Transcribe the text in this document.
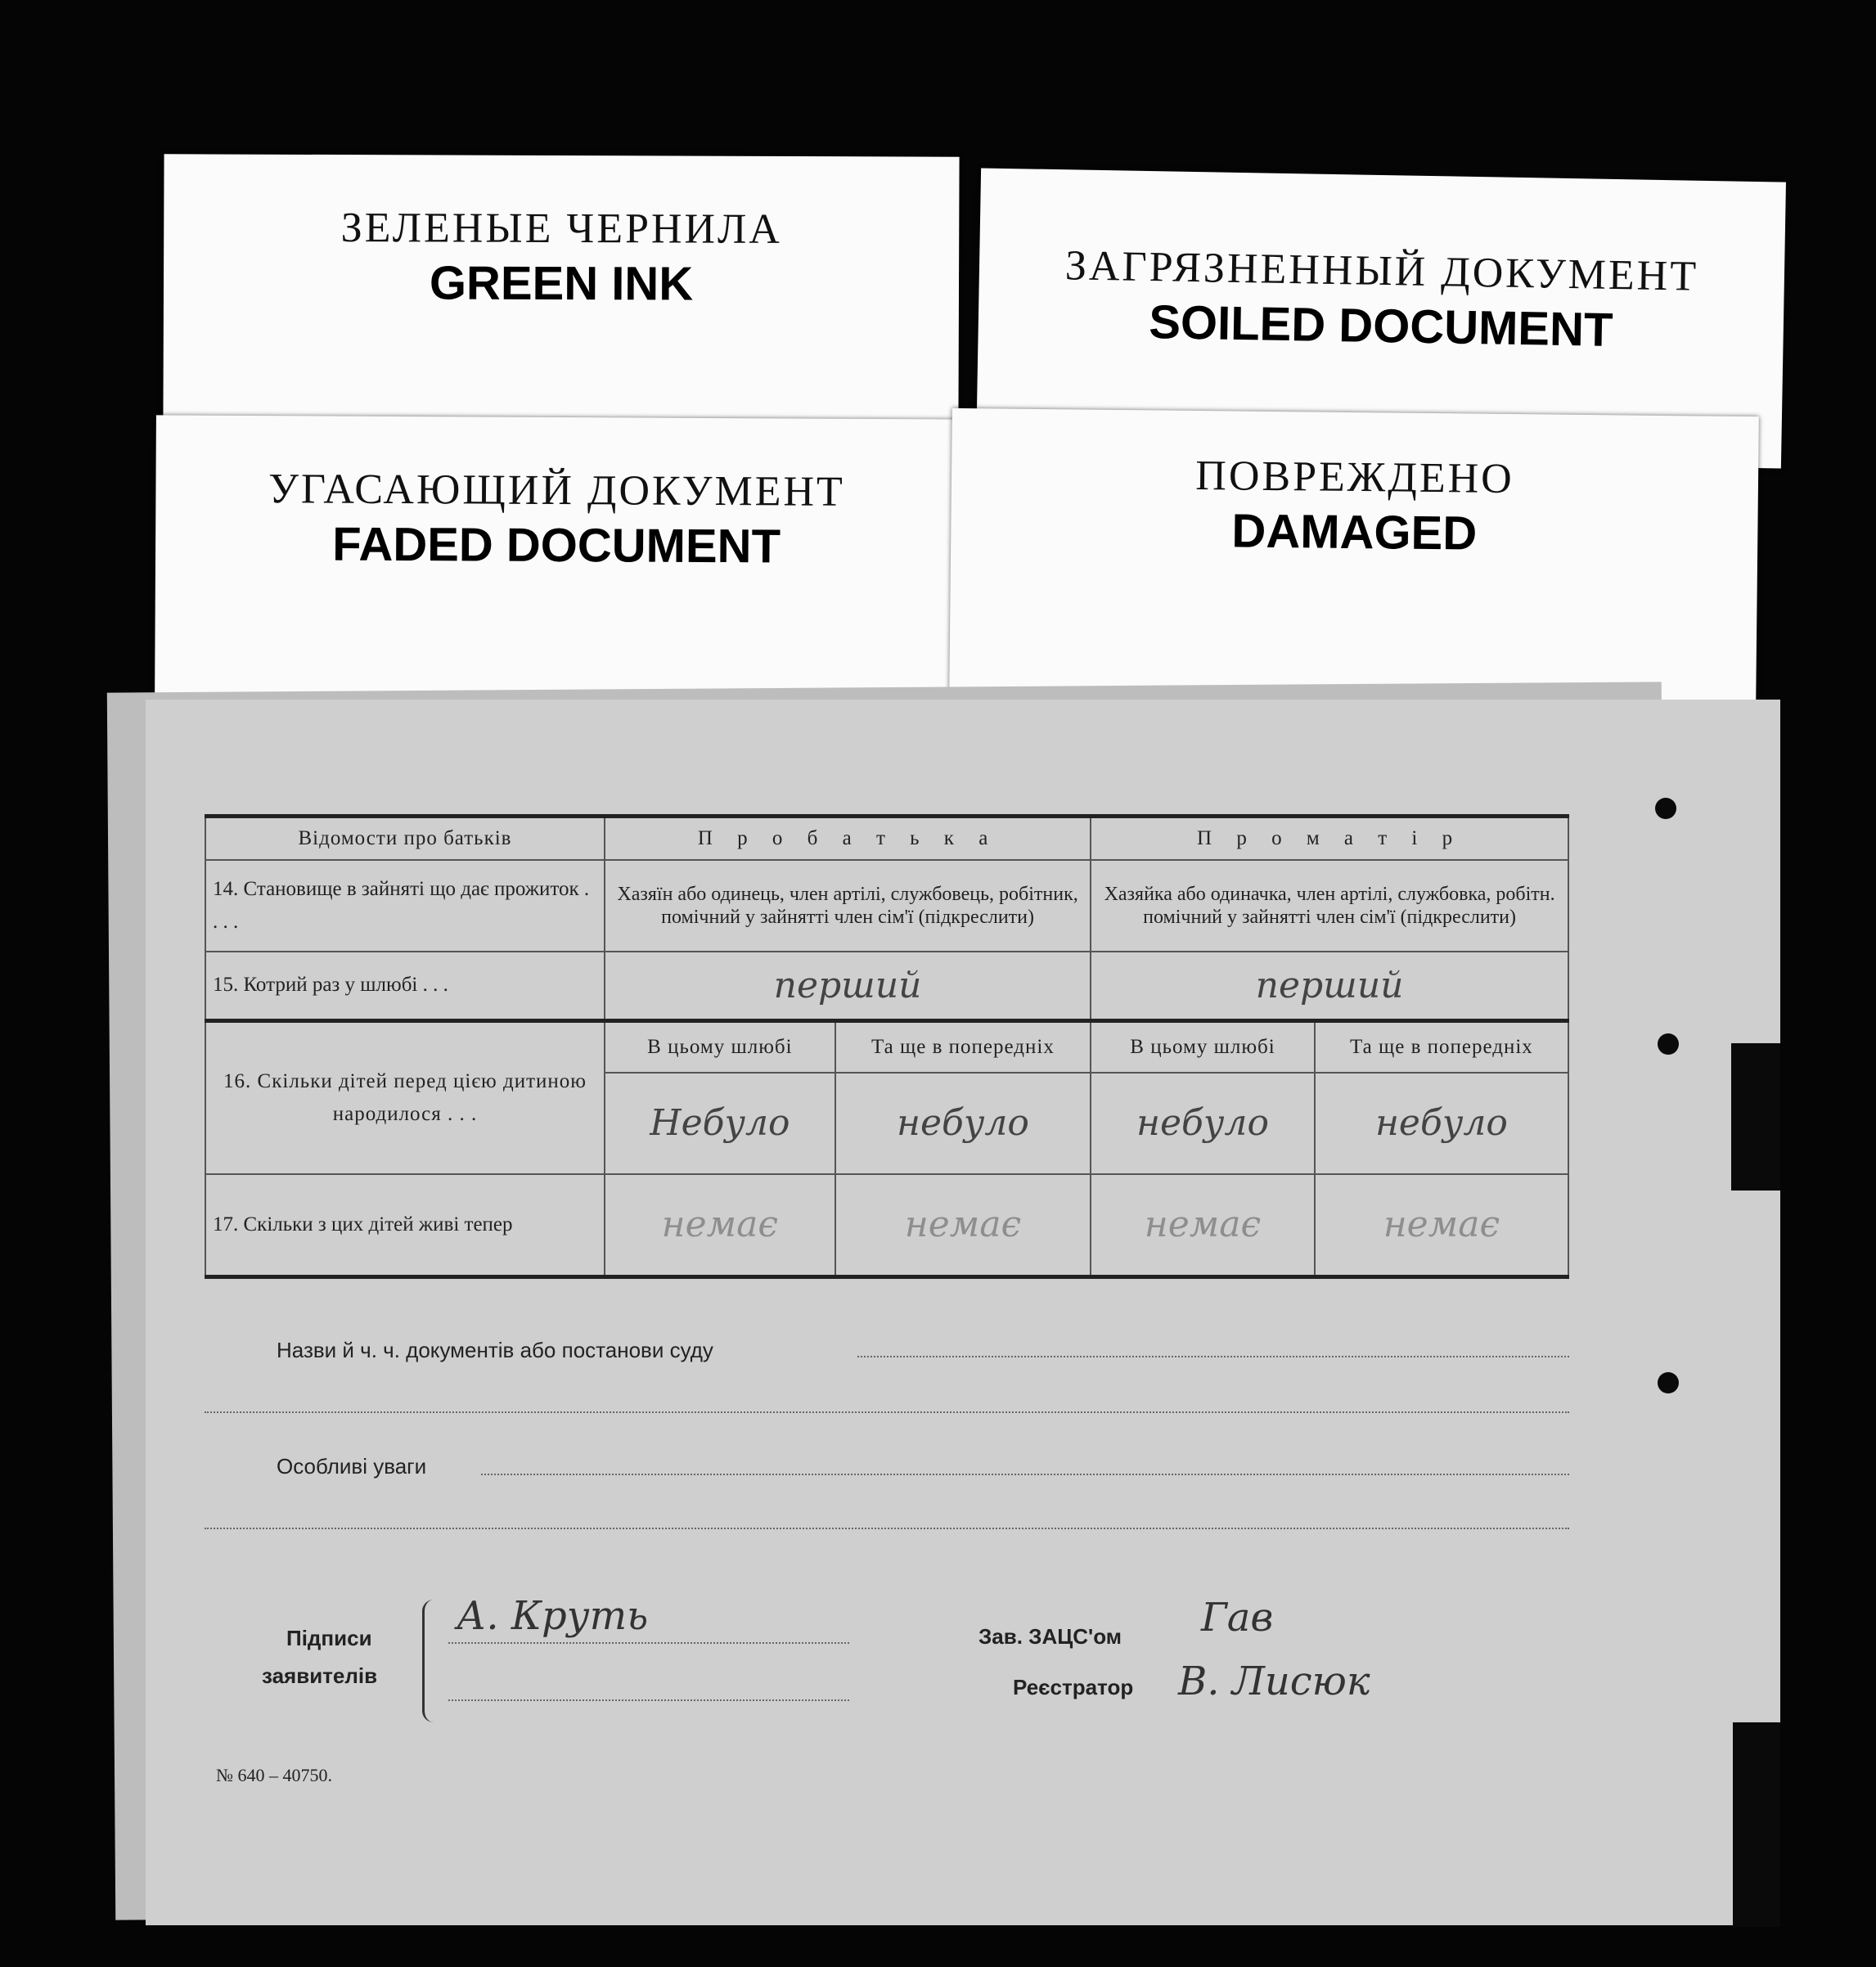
ЗЕЛЕНЫЕ ЧЕРНИЛА
GREEN INK	ЗАГРЯЗНЕННЫЙ ДОКУМЕНТ
SOILED DOCUMENT
УГАСАЮЩИЙ ДОКУМЕНТ
FADED DOCUMENT
ПОВРЕЖДЕНО
DAMAGED
Відомости про батьків	П р о б а т ь к а		П р о м а т і р	
14. Становище в зайняті що дає прожиток . . . .	Хазяїн або одинець, член артілі, службовець, робітник, помічний у зайнятті член сім'ї (підкреслити)		Хазяйка або одиначка, член артілі, службовка, робітн. помічний у зайнятті член сім'ї (підкреслити)	
15. Котрий раз у шлюбі . . .	перший		перший	
16. Скільки дітей перед цією дитиною народилося . . .	В цьому шлюбі	Та ще в попередніх	В цьому шлюбі	Та ще в попередніх
	Небуло	небуло	небуло	небуло
17. Скільки з цих дітей живі тепер	немає	немає	немає	немає
Назви й ч. ч. документів або постанови суду
Особливі уваги
Підписи
заявителів
А. Круть	Зав. ЗАЦС'ом Гав
Реєстратор В. Лисюк
№ 640 – 40750.
